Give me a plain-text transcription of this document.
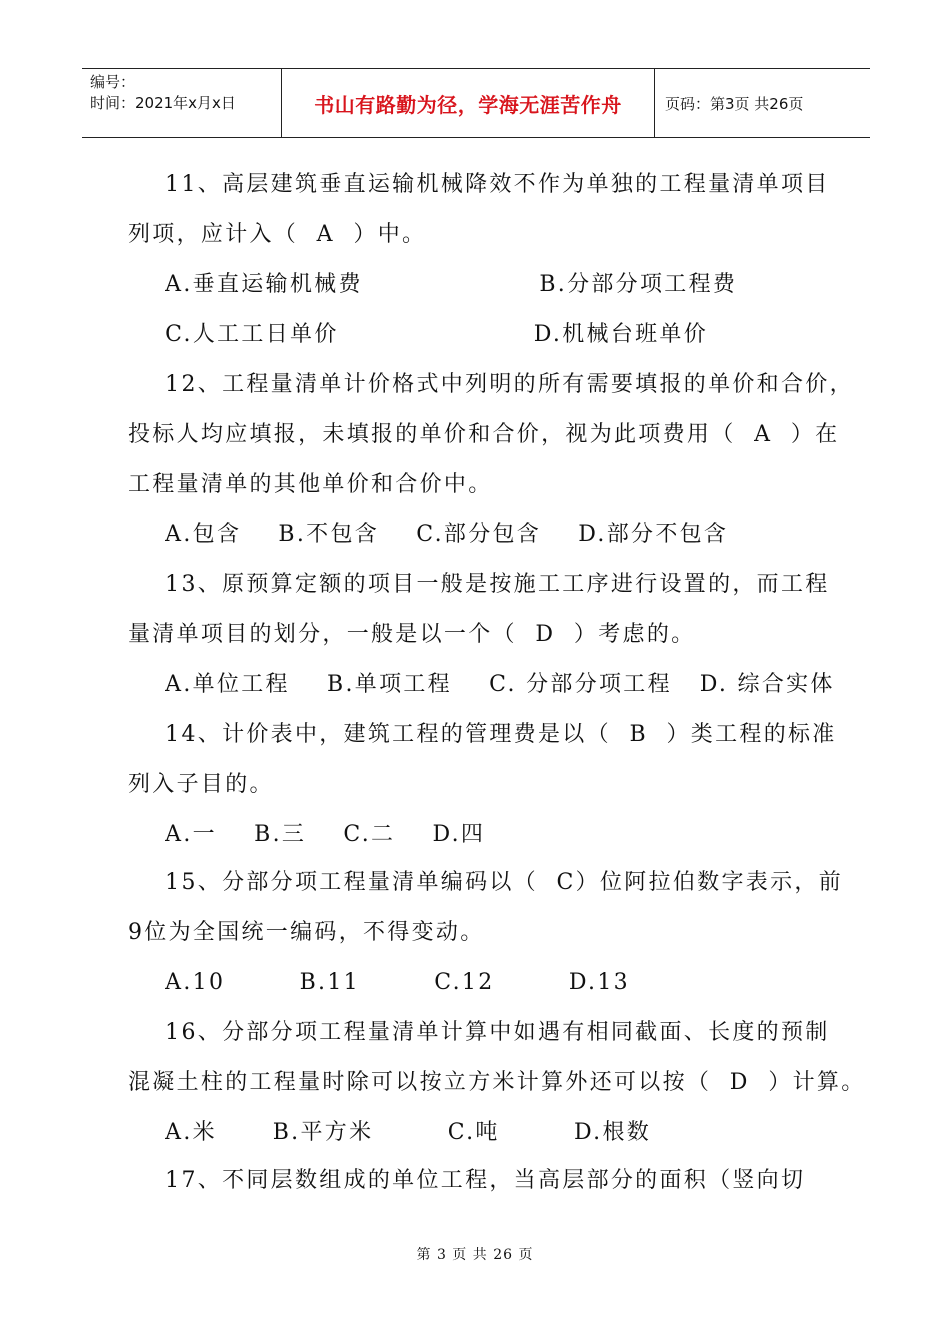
编号：
时间：2021年x月x日	书山有路勤为径，学海无涯苦作舟	页码：第3页 共26页
11、高层建筑垂直运输机械降效不作为单独的工程量清单项目
列项，应计入（  A  ）中。
A.垂直运输机械费                   B.分部分项工程费
C.人工工日单价                     D.机械台班单价
12、工程量清单计价格式中列明的所有需要填报的单价和合价，
投标人均应填报，未填报的单价和合价，视为此项费用（  A  ）在
工程量清单的其他单价和合价中。
A.包含    B.不包含    C.部分包含    D.部分不包含
13、原预算定额的项目一般是按施工工序进行设置的，而工程
量清单项目的划分，一般是以一个（  D  ）考虑的。
A.单位工程    B.单项工程    C. 分部分项工程   D. 综合实体
14、计价表中，建筑工程的管理费是以（  B  ）类工程的标准
列入子目的。
A.一    B.三    C.二    D.四
15、分部分项工程量清单编码以（  C）位阿拉伯数字表示，前
9位为全国统一编码，不得变动。
A.10        B.11        C.12        D.13
16、分部分项工程量清单计算中如遇有相同截面、长度的预制
混凝土柱的工程量时除可以按立方米计算外还可以按（  D  ）计算。
A.米      B.平方米        C.吨        D.根数
17、不同层数组成的单位工程，当高层部分的面积（竖向切
第 3 页 共 26 页
